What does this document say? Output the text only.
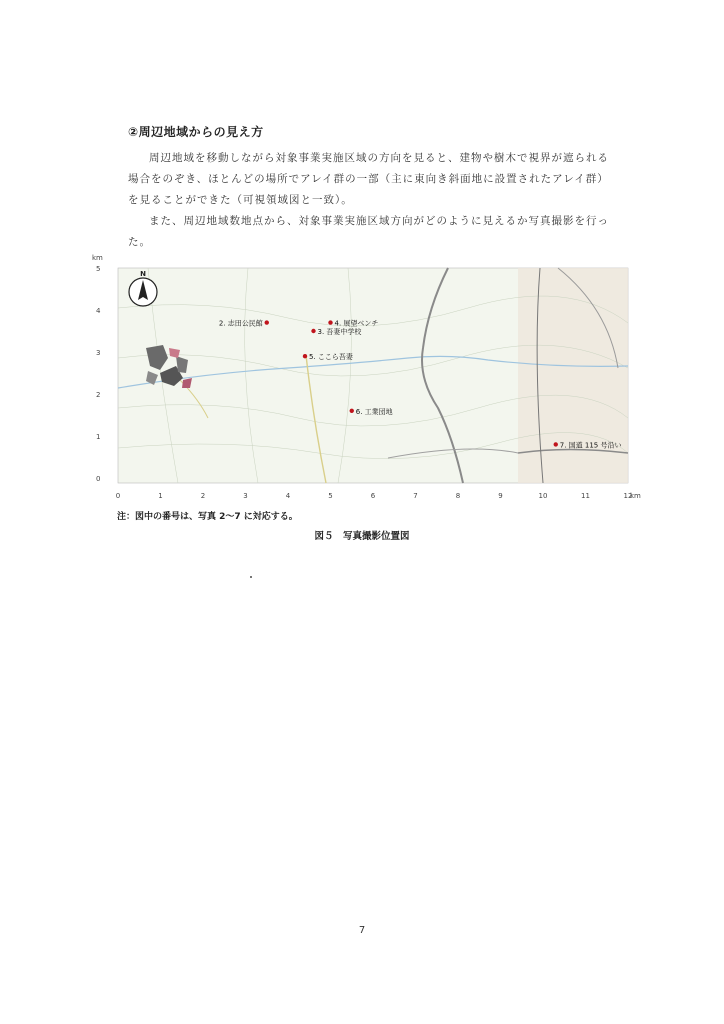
②周辺地域からの見え方
周辺地域を移動しながら対象事業実施区域の方向を見ると、建物や樹木で視界が遮られる
場合をのぞき、ほとんどの場所でアレイ群の一部（主に東向き斜面地に設置されたアレイ群）
を見ることができた（可視領域図と一致）。
また、周辺地域数地点から、対象事業実施区域方向がどのように見えるか写真撮影を行っ
た。
N
5
4
3
2
1
0
0	1	2	3	4	5	6	7	8	9	10	11	12
km
km
2. 志田公民館	4. 展望ベンチ
3. 吾妻中学校
5. ここら吾妻
6. 工業団地
7. 国道 115 号沿い
注：図中の番号は、写真 2〜7 に対応する。
図５　写真撮影位置図
7
